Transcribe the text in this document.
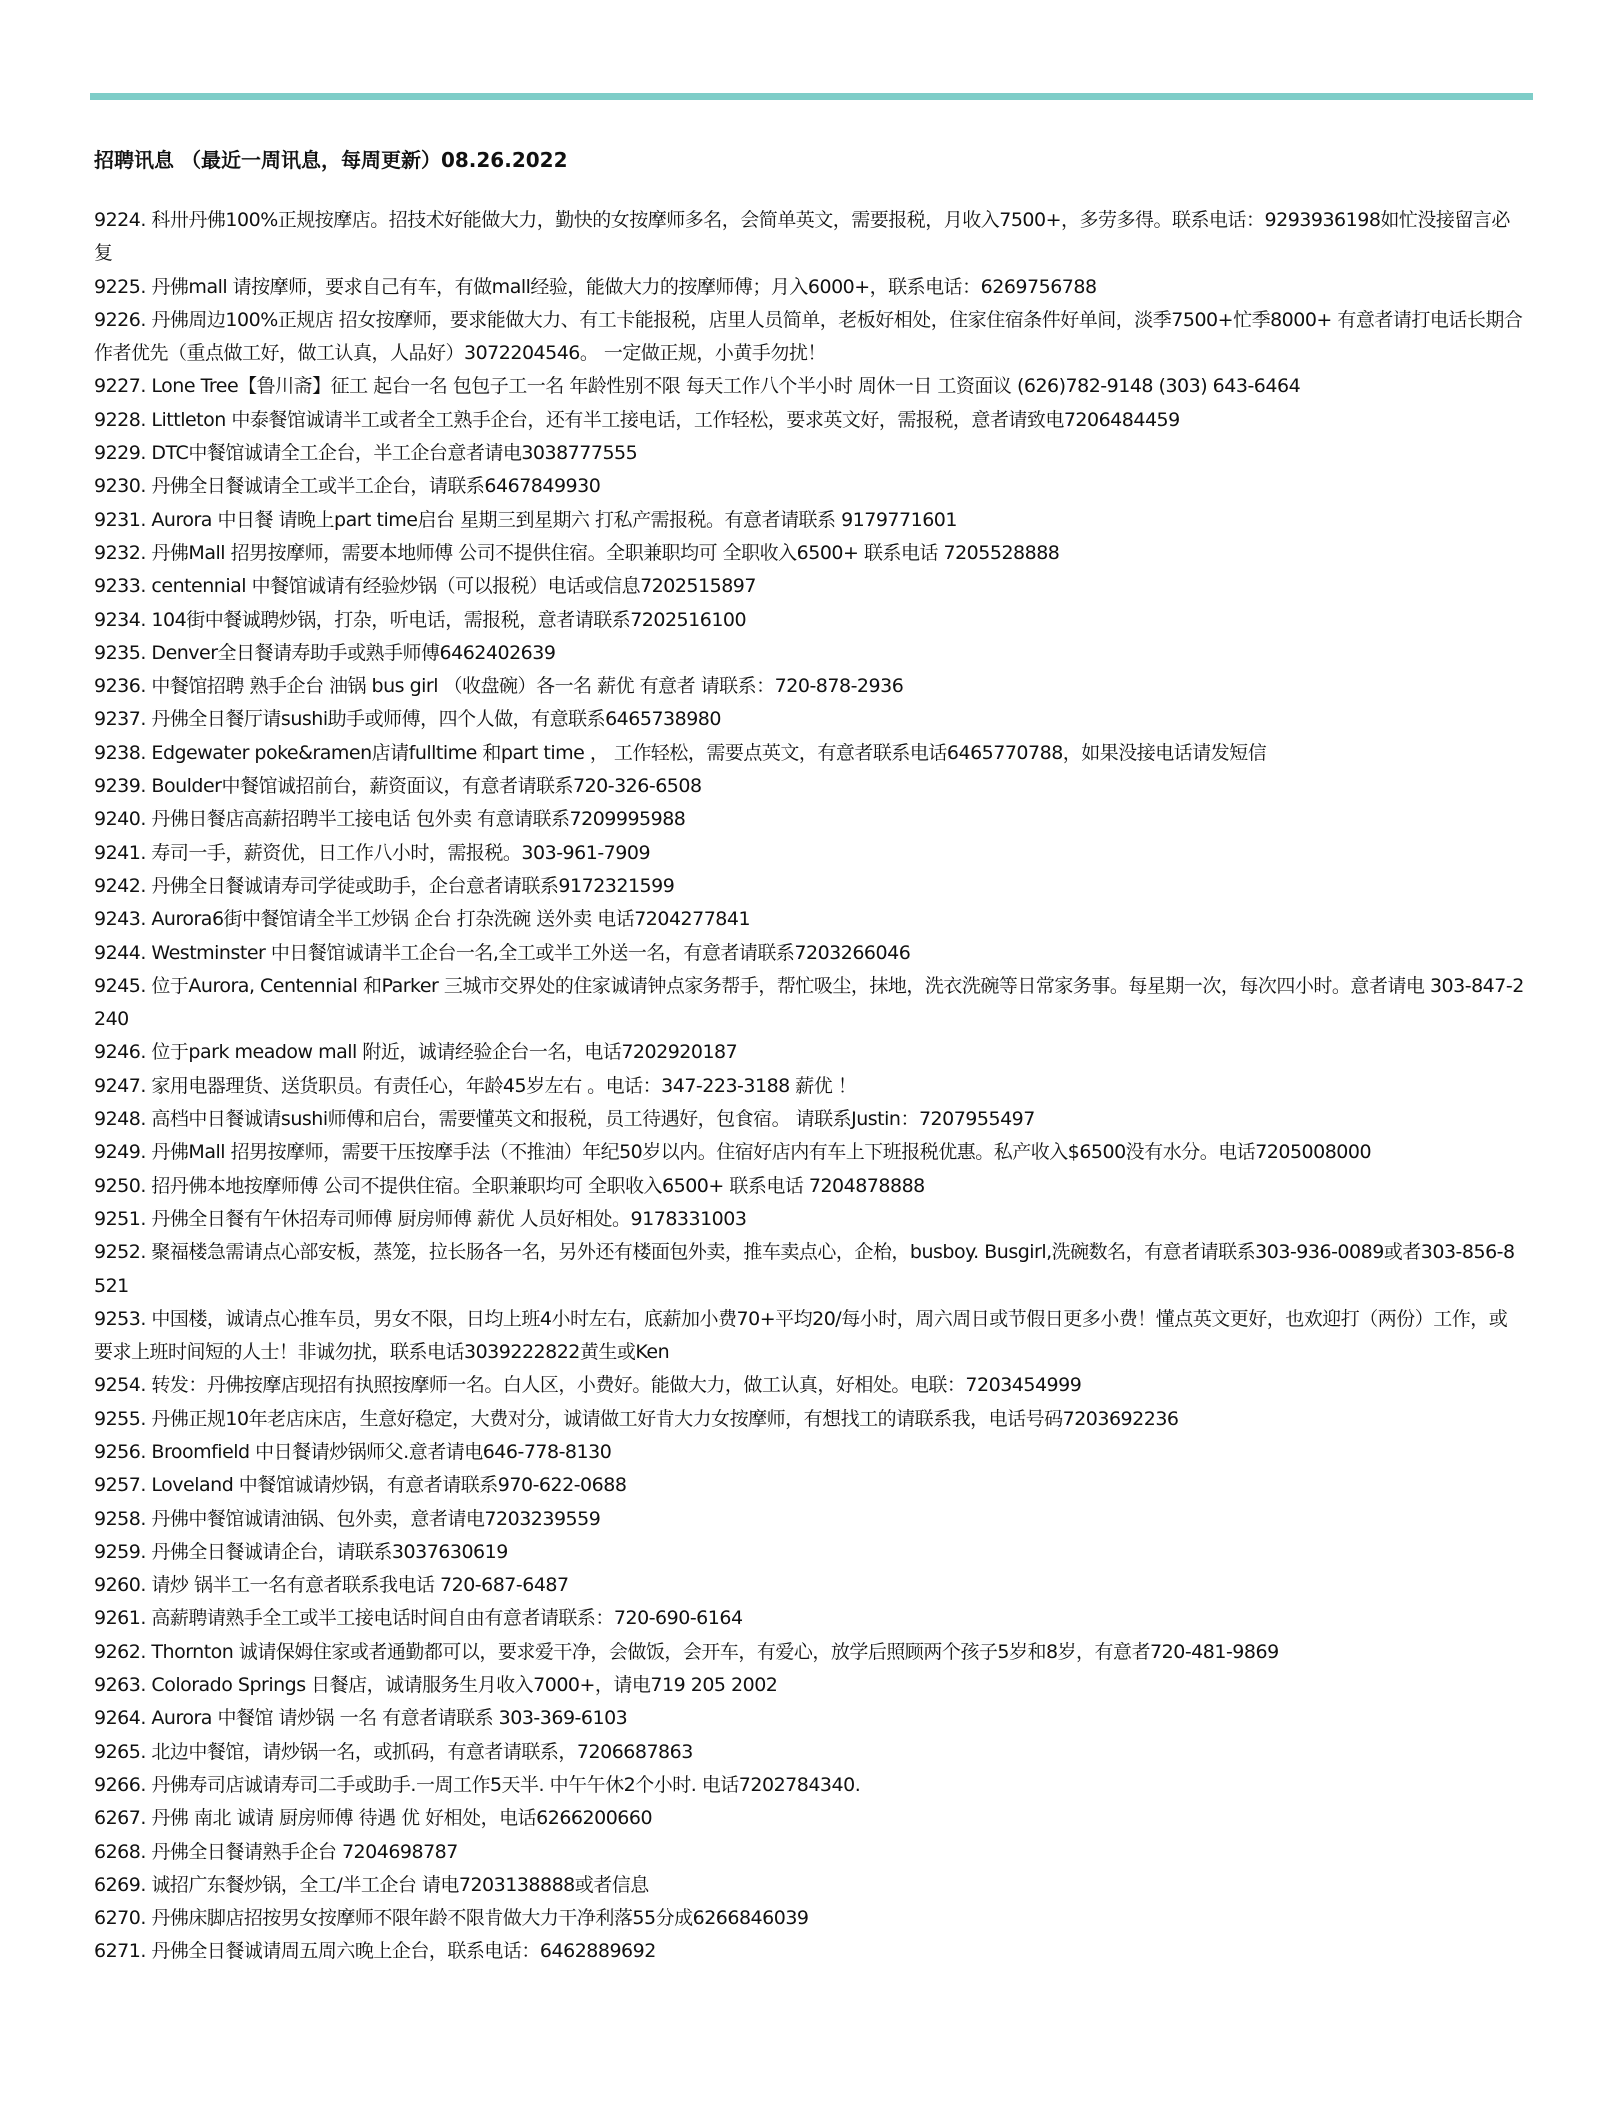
招聘讯息 （最近一周讯息，每周更新）08.26.2022
9224. 科卅丹佛100%正规按摩店。招技术好能做大力，勤快的女按摩师多名，会简单英文，需要报税，月收入7500+，多劳多得。联系电话：9293936198如忙没接留言必复
9225. 丹佛mall 请按摩师，要求自己有车，有做mall经验，能做大力的按摩师傅；月入6000+，联系电话：6269756788
9226. 丹佛周边100%正规店 招女按摩师，要求能做大力、有工卡能报税，店里人员简单，老板好相处，住家住宿条件好单间，淡季7500+忙季8000+ 有意者请打电话长期合作者优先（重点做工好，做工认真，人品好）3072204546。 一定做正规，小黄手勿扰！
9227. Lone Tree【鲁川斋】征工 起台一名 包包子工一名 年龄性别不限 每天工作八个半小时 周休一日 工资面议 (626)782-9148 (303) 643-6464
9228. Littleton 中泰餐馆诚请半工或者全工熟手企台，还有半工接电话，工作轻松，要求英文好，需报税，意者请致电7206484459
9229. DTC中餐馆诚请全工企台，半工企台意者请电3038777555
9230. 丹佛全日餐诚请全工或半工企台，请联系6467849930
9231. Aurora 中日餐 请晚上part time启台 星期三到星期六 打私产需报税。有意者请联系 9179771601
9232. 丹佛Mall 招男按摩师，需要本地师傅 公司不提供住宿。全职兼职均可 全职收入6500+ 联系电话 7205528888
9233. centennial 中餐馆诚请有经验炒锅（可以报税）电话或信息7202515897
9234. 104街中餐诚聘炒锅，打杂，听电话，需报税，意者请联系7202516100
9235. Denver全日餐请寿助手或熟手师傅6462402639
9236. 中餐馆招聘 熟手企台 油锅 bus girl （收盘碗）各一名 薪优 有意者 请联系：720-878-2936
9237. 丹佛全日餐厅请sushi助手或师傅，四个人做，有意联系6465738980
9238. Edgewater poke&ramen店请fulltime 和part time ， 工作轻松，需要点英文，有意者联系电话6465770788，如果没接电话请发短信
9239. Boulder中餐馆诚招前台，薪资面议，有意者请联系720-326-6508
9240. 丹佛日餐店高薪招聘半工接电话 包外卖 有意请联系7209995988
9241. 寿司一手，薪资优，日工作八小时，需报税。303-961-7909
9242. 丹佛全日餐诚请寿司学徒或助手，企台意者请联系9172321599
9243. Aurora6街中餐馆请全半工炒锅 企台 打杂洗碗 送外卖 电话7204277841
9244. Westminster 中日餐馆诚请半工企台一名,全工或半工外送一名，有意者请联系7203266046
9245. 位于Aurora, Centennial 和Parker 三城市交界处的住家诚请钟点家务帮手，帮忙吸尘，抹地，洗衣洗碗等日常家务事。每星期一次，每次四小时。意者请电 303-847-2240
9246. 位于park meadow mall 附近，诚请经验企台一名，电话7202920187
9247. 家用电器理货、送货职员。有责任心，年龄45岁左右 。电话：347-223-3188 薪优 ！
9248. 高档中日餐诚请sushi师傅和启台，需要懂英文和报税，员工待遇好，包食宿。 请联系Justin：7207955497
9249. 丹佛Mall 招男按摩师，需要干压按摩手法（不推油）年纪50岁以内。住宿好店内有车上下班报税优惠。私产收入$6500没有水分。电话7205008000
9250. 招丹佛本地按摩师傅 公司不提供住宿。全职兼职均可 全职收入6500+ 联系电话 7204878888
9251. 丹佛全日餐有午休招寿司师傅 厨房师傅 薪优 人员好相处。9178331003
9252. 聚福楼急需请点心部安板，蒸笼，拉长肠各一名，另外还有楼面包外卖，推车卖点心，企枱，busboy. Busgirl,洗碗数名，有意者请联系303-936-0089或者303-856-8521
9253. 中国楼，诚请点心推车员，男女不限，日均上班4小时左右，底薪加小费70+平均20/每小时，周六周日或节假日更多小费！懂点英文更好，也欢迎打（两份）工作，或要求上班时间短的人士！非诚勿扰，联系电话3039222822黄生或Ken
9254. 转发：丹佛按摩店现招有执照按摩师一名。白人区，小费好。能做大力，做工认真，好相处。电联：7203454999
9255. 丹佛正规10年老店床店，生意好稳定，大费对分，诚请做工好肯大力女按摩师，有想找工的请联系我，电话号码7203692236
9256. Broomfield 中日餐请炒锅师父.意者请电646-778-8130
9257. Loveland 中餐馆诚请炒锅，有意者请联系970-622-0688
9258. 丹佛中餐馆诚请油锅、包外卖，意者请电7203239559
9259. 丹佛全日餐诚请企台，请联系3037630619
9260. 请炒 锅半工一名有意者联系我电话 720-687-6487
9261. 高薪聘请熟手全工或半工接电话时间自由有意者请联系：720-690-6164
9262. Thornton 诚请保姆住家或者通勤都可以，要求爱干净，会做饭，会开车，有爱心，放学后照顾两个孩子5岁和8岁，有意者720-481-9869
9263. Colorado Springs 日餐店，诚请服务生月收入7000+，请电719 205 2002
9264. Aurora 中餐馆 请炒锅 一名 有意者请联系 303-369-6103
9265. 北边中餐馆，请炒锅一名，或抓码，有意者请联系，7206687863
9266. 丹佛寿司店诚请寿司二手或助手.一周工作5天半. 中午午休2个小时. 电话7202784340.
6267. 丹佛 南北 诚请 厨房师傅 待遇 优 好相处，电话6266200660
6268. 丹佛全日餐请熟手企台 7204698787
6269. 诚招广东餐炒锅，全工/半工企台 请电7203138888或者信息
6270. 丹佛床脚店招按男女按摩师不限年龄不限肯做大力干净利落55分成6266846039
6271. 丹佛全日餐诚请周五周六晚上企台，联系电话：6462889692
